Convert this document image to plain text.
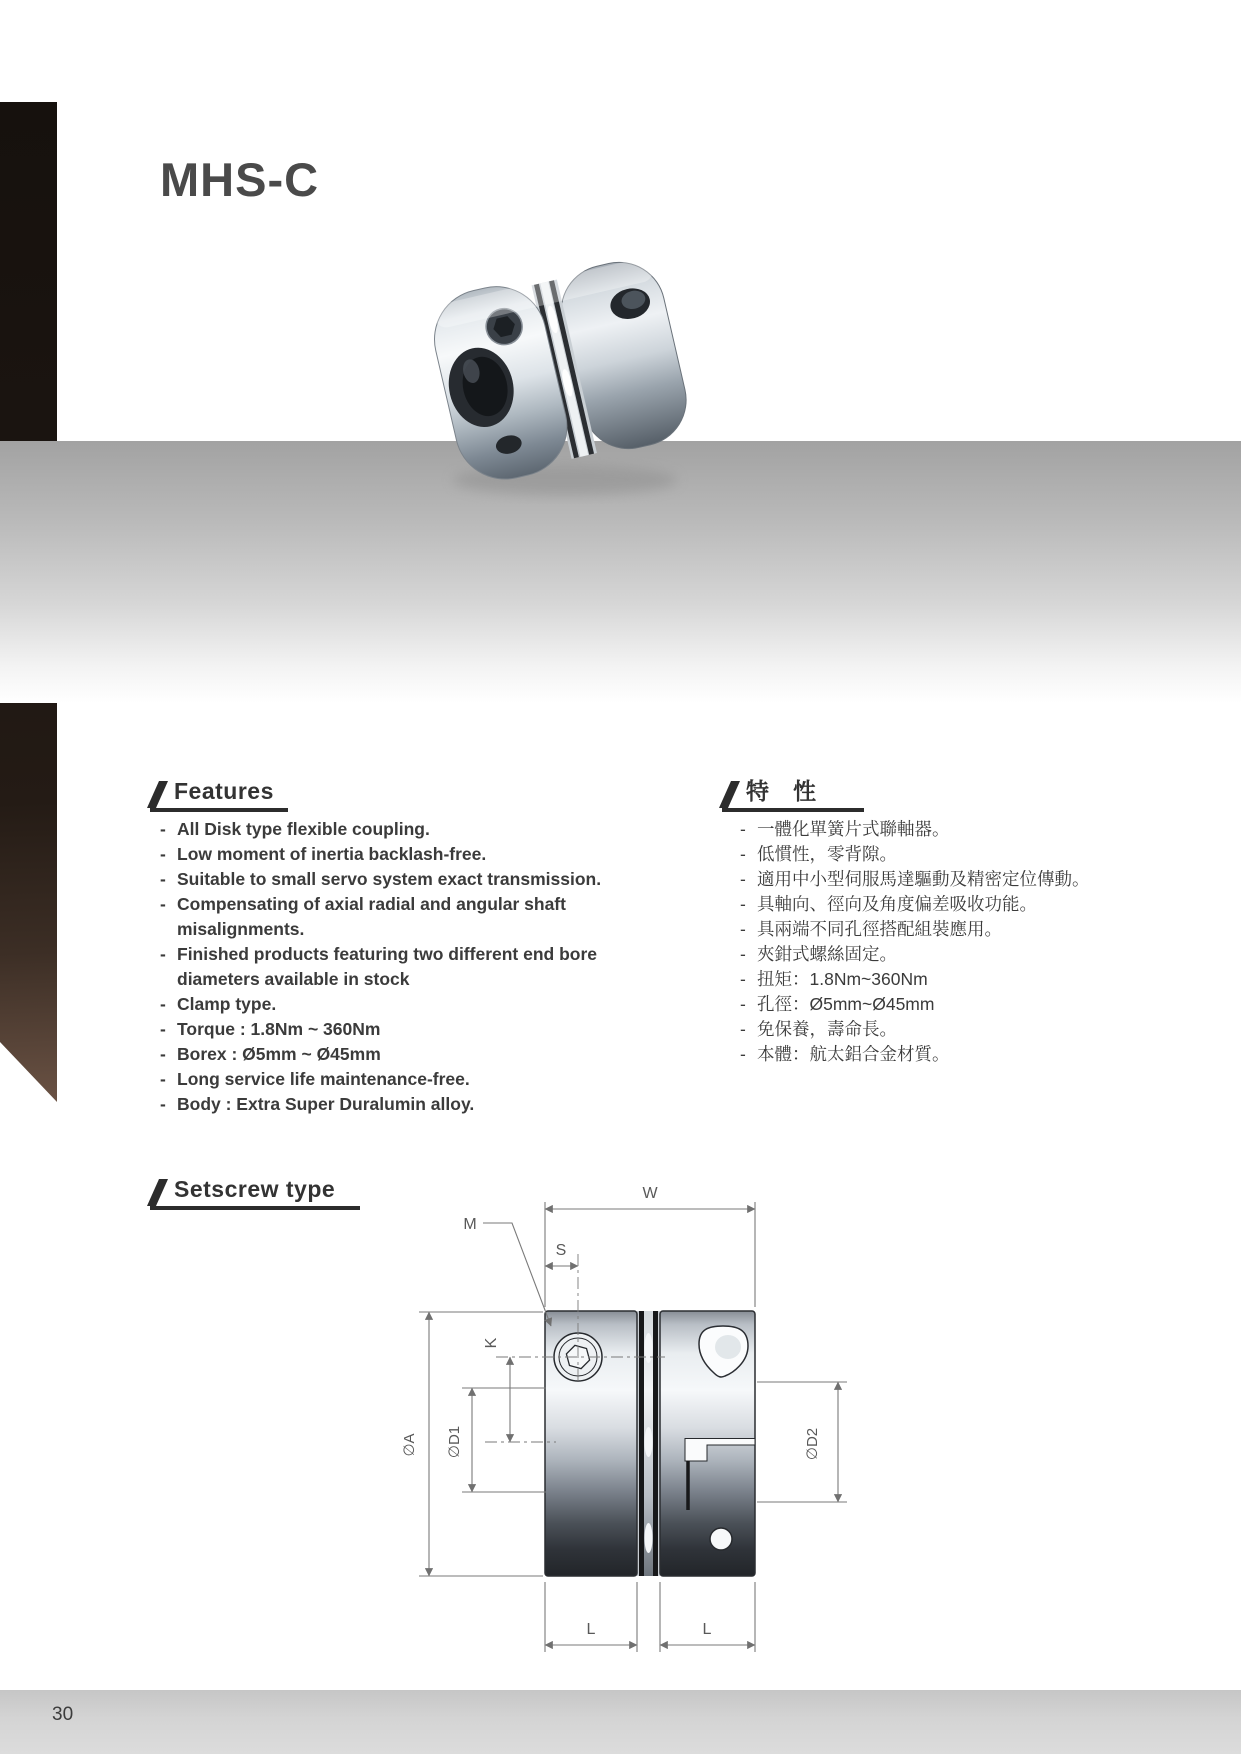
MHS-C
Features	特　性
- All Disk type flexible coupling.
- Low moment of inertia backlash-free.
- Suitable to small servo system exact transmission.
- Compensating of axial radial and angular shaft misalignments.
- Finished products featuring two different end bore diameters available in stock
- Clamp type.
- Torque : 1.8Nm ~ 360Nm
- Borex : Ø5mm ~ Ø45mm
- Long service life maintenance-free.
- Body : Extra Super Duralumin alloy.
- 一體化單簧片式聯軸器。
- 低慣性，零背隙。
- 適用中小型伺服馬達驅動及精密定位傳動。
- 具軸向、徑向及角度偏差吸收功能。
- 具兩端不同孔徑搭配組裝應用。
- 夾鉗式螺絲固定。
- 扭矩：1.8Nm~360Nm
- 孔徑：Ø5mm~Ø45mm
- 免保養，壽命長。
- 本體：航太鋁合金材質。
Setscrew type	W
M
S
K
∅A ∅D1	∅D2
L	L
30
